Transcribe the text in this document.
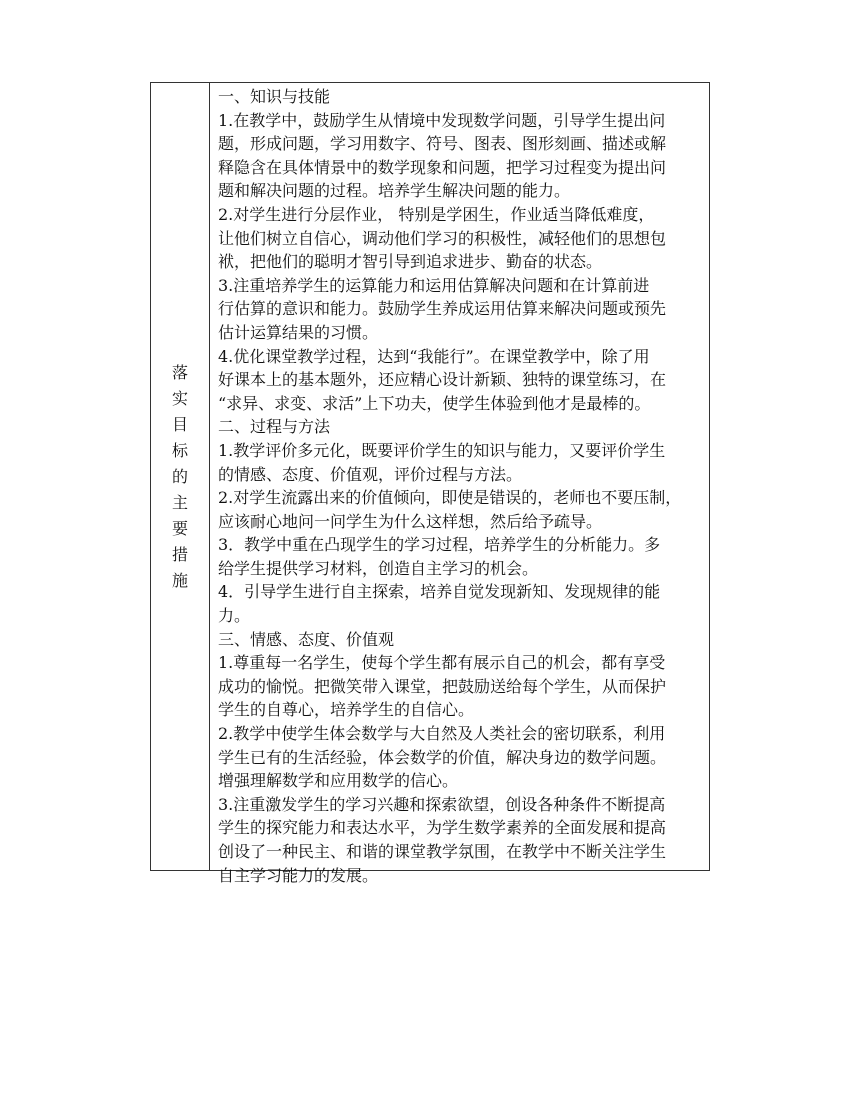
落实目标的主要措施
一、知识与技能
1.在教学中，鼓励学生从情境中发现数学问题，引导学生提出问
题，形成问题，学习用数字、符号、图表、图形刻画、描述或解
释隐含在具体情景中的数学现象和问题，把学习过程变为提出问
题和解决问题的过程。培养学生解决问题的能力。
2.对学生进行分层作业， 特别是学困生，作业适当降低难度，
让他们树立自信心，调动他们学习的积极性，减轻他们的思想包
袱，把他们的聪明才智引导到追求进步、勤奋的状态。
3.注重培养学生的运算能力和运用估算解决问题和在计算前进
行估算的意识和能力。鼓励学生养成运用估算来解决问题或预先
估计运算结果的习惯。
4.优化课堂教学过程，达到“我能行”。在课堂教学中，除了用
好课本上的基本题外，还应精心设计新颖、独特的课堂练习，在
“求异、求变、求活”上下功夫，使学生体验到他才是最棒的。
二、过程与方法
1.教学评价多元化，既要评价学生的知识与能力，又要评价学生
的情感、态度、价值观，评价过程与方法。
2.对学生流露出来的价值倾向，即使是错误的，老师也不要压制，
应该耐心地问一问学生为什么这样想，然后给予疏导。
3．教学中重在凸现学生的学习过程，培养学生的分析能力。多
给学生提供学习材料，创造自主学习的机会。
4．引导学生进行自主探索，培养自觉发现新知、发现规律的能
力。
三、情感、态度、价值观
1.尊重每一名学生，使每个学生都有展示自己的机会，都有享受
成功的愉悦。把微笑带入课堂，把鼓励送给每个学生，从而保护
学生的自尊心，培养学生的自信心。
2.教学中使学生体会数学与大自然及人类社会的密切联系，利用
学生已有的生活经验，体会数学的价值，解决身边的数学问题。
增强理解数学和应用数学的信心。
3.注重激发学生的学习兴趣和探索欲望，创设各种条件不断提高
学生的探究能力和表达水平，为学生数学素养的全面发展和提高
创设了一种民主、和谐的课堂教学氛围，在教学中不断关注学生
自主学习能力的发展。
